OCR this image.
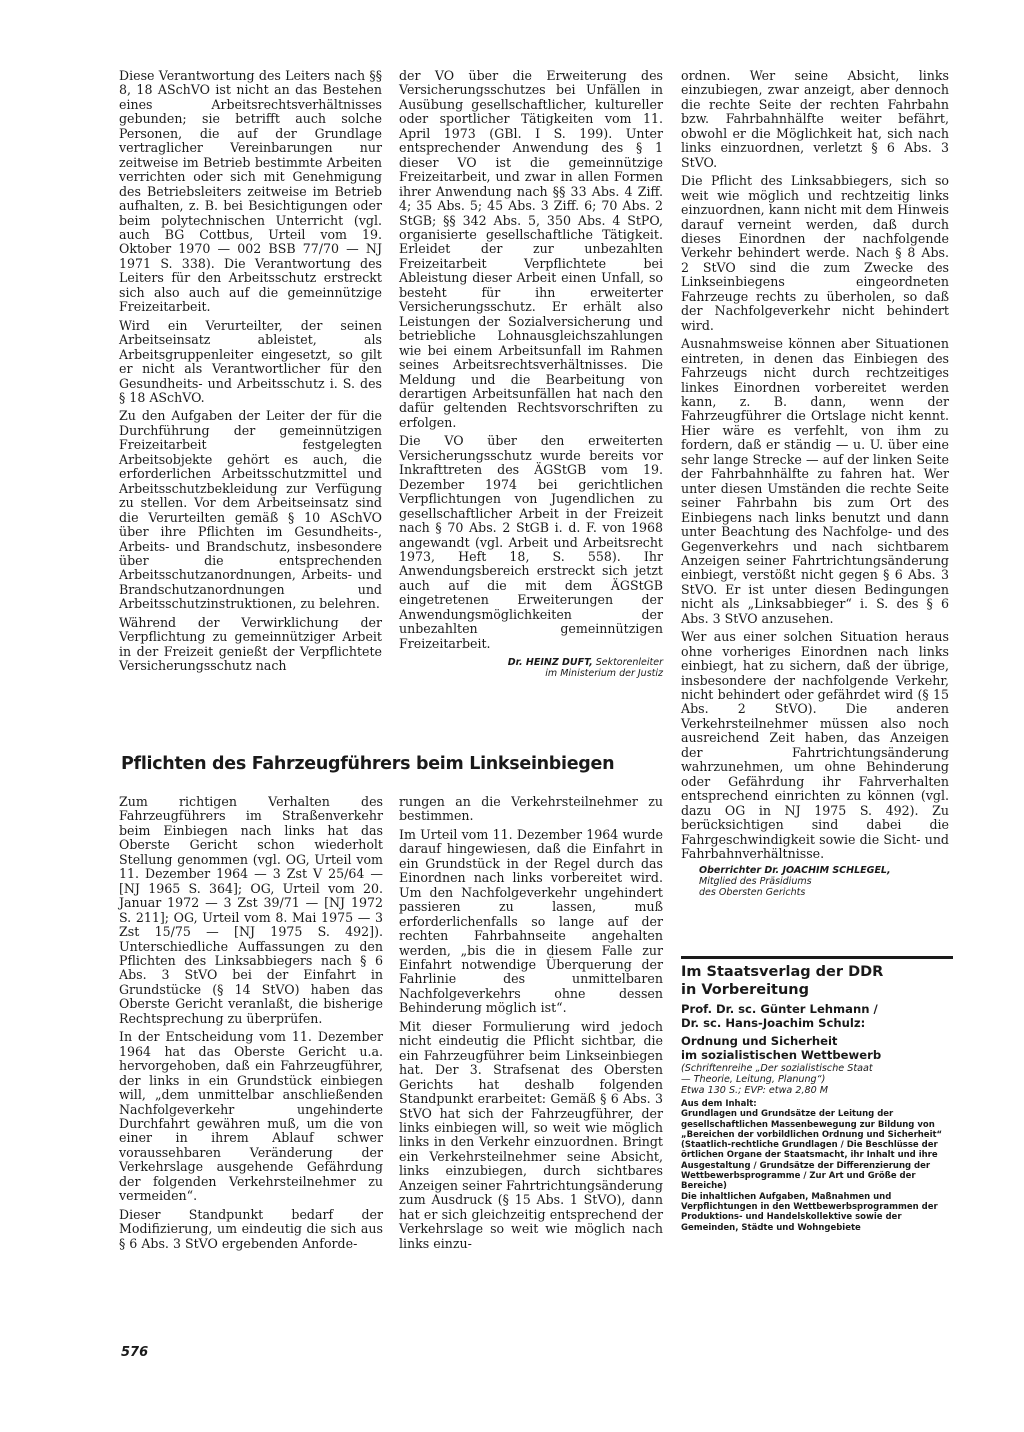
Diese Verantwortung des Leiters nach §§ 8, 18 ASchVO ist nicht an das Bestehen eines Arbeitsrechtsverhältnisses gebunden; sie betrifft auch solche Personen, die auf der Grundlage vertraglicher Vereinbarungen nur zeitweise im Betrieb bestimmte Arbeiten verrichten oder sich mit Genehmigung des Betriebsleiters zeitweise im Betrieb aufhalten, z. B. bei Besichtigungen oder beim polytechnischen Unterricht (vgl. auch BG Cottbus, Urteil vom 19. Oktober 1970 — 002 BSB 77/70 — NJ 1971 S. 338). Die Verantwortung des Leiters für den Arbeitsschutz erstreckt sich also auch auf die gemeinnützige Freizeitarbeit.

Wird ein Verurteilter, der seinen Arbeitseinsatz ableistet, als Arbeitsgruppenleiter eingesetzt, so gilt er nicht als Verantwortlicher für den Gesundheits- und Arbeitsschutz i. S. des § 18 ASchVO.

Zu den Aufgaben der Leiter der für die Durchführung der gemeinnützigen Freizeitarbeit festgelegten Arbeitsobjekte gehört es auch, die erforderlichen Arbeitsschutzmittel und Arbeitsschutzbekleidung zur Verfügung zu stellen. Vor dem Arbeitseinsatz sind die Verurteilten gemäß § 10 ASchVO über ihre Pflichten im Gesundheits-, Arbeits- und Brandschutz, insbesondere über die entsprechenden Arbeitsschutzanordnungen, Arbeits- und Brandschutzanordnungen und Arbeitsschutzinstruktionen, zu belehren.

Während der Verwirklichung der Verpflichtung zu gemeinnütziger Arbeit in der Freizeit genießt der Verpflichtete Versicherungsschutz nach

der VO über die Erweiterung des Versicherungsschutzes bei Unfällen in Ausübung gesellschaftlicher, kultureller oder sportlicher Tätigkeiten vom 11. April 1973 (GBl. I S. 199). Unter entsprechender Anwendung des § 1 dieser VO ist die gemeinnützige Freizeitarbeit, und zwar in allen Formen ihrer Anwendung nach §§ 33 Abs. 4 Ziff. 4; 35 Abs. 5; 45 Abs. 3 Ziff. 6; 70 Abs. 2 StGB; §§ 342 Abs. 5, 350 Abs. 4 StPO, organisierte gesellschaftliche Tätigkeit. Erleidet der zur unbezahlten Freizeitarbeit Verpflichtete bei Ableistung dieser Arbeit einen Unfall, so besteht für ihn erweiterter Versicherungsschutz. Er erhält also Leistungen der Sozialversicherung und betriebliche Lohnausgleichszahlungen wie bei einem Arbeitsunfall im Rahmen seines Arbeitsrechtsverhältnisses. Die Meldung und die Bearbeitung von derartigen Arbeitsunfällen hat nach den dafür geltenden Rechtsvorschriften zu erfolgen.

Die VO über den erweiterten Versicherungsschutz wurde bereits vor Inkrafttreten des ÄGStGB vom 19. Dezember 1974 bei gerichtlichen Verpflichtungen von Jugendlichen zu gesellschaftlicher Arbeit in der Freizeit nach § 70 Abs. 2 StGB i. d. F. von 1968 angewandt (vgl. Arbeit und Arbeitsrecht 1973, Heft 18, S. 558). Ihr Anwendungsbereich erstreckt sich jetzt auch auf die mit dem ÄGStGB eingetretenen Erweiterungen der Anwendungsmöglichkeiten der unbezahlten gemeinnützigen Freizeitarbeit.

Dr. HEINZ DUFT, Sektorenleiter
im Ministerium der Justiz
Pflichten des Fahrzeugführers beim Linkseinbiegen

Zum richtigen Verhalten des Fahrzeugführers im Straßenverkehr beim Einbiegen nach links hat das Oberste Gericht schon wiederholt Stellung genommen (vgl. OG, Urteil vom 11. Dezember 1964 — 3 Zst V 25/64 — [NJ 1965 S. 364]; OG, Urteil vom 20. Januar 1972 — 3 Zst 39/71 — [NJ 1972 S. 211]; OG, Urteil vom 8. Mai 1975 — 3 Zst 15/75 — [NJ 1975 S. 492]). Unterschiedliche Auffassungen zu den Pflichten des Linksabbiegers nach § 6 Abs. 3 StVO bei der Einfahrt in Grundstücke (§ 14 StVO) haben das Oberste Gericht veranlaßt, die bisherige Rechtsprechung zu überprüfen.

In der Entscheidung vom 11. Dezember 1964 hat das Oberste Gericht u.a. hervorgehoben, daß ein Fahrzeugführer, der links in ein Grundstück einbiegen will, „dem unmittelbar anschließenden Nachfolgeverkehr ungehinderte Durchfahrt gewähren muß, um die von einer in ihrem Ablauf schwer voraussehbaren Veränderung der Verkehrslage ausgehende Gefährdung der folgenden Verkehrsteilnehmer zu vermeiden“.

Dieser Standpunkt bedarf der Modifizierung, um eindeutig die sich aus § 6 Abs. 3 StVO ergebenden Anforde-

rungen an die Verkehrsteilnehmer zu bestimmen.

Im Urteil vom 11. Dezember 1964 wurde darauf hingewiesen, daß die Einfahrt in ein Grundstück in der Regel durch das Einordnen nach links vorbereitet wird. Um den Nachfolgeverkehr ungehindert passieren zu lassen, muß erforderlichenfalls so lange auf der rechten Fahrbahnseite angehalten werden, „bis die in diesem Falle zur Einfahrt notwendige Überquerung der Fahrlinie des unmittelbaren Nachfolgeverkehrs ohne dessen Behinderung möglich ist“.

Mit dieser Formulierung wird jedoch nicht eindeutig die Pflicht sichtbar, die ein Fahrzeugführer beim Linkseinbiegen hat. Der 3. Strafsenat des Obersten Gerichts hat deshalb folgenden Standpunkt erarbeitet: Gemäß § 6 Abs. 3 StVO hat sich der Fahrzeugführer, der links einbiegen will, so weit wie möglich links in den Verkehr einzuordnen. Bringt ein Verkehrsteilnehmer seine Absicht, links einzubiegen, durch sichtbares Anzeigen seiner Fahrtrichtungsänderung zum Ausdruck (§ 15 Abs. 1 StVO), dann hat er sich gleichzeitig entsprechend der Verkehrslage so weit wie möglich nach links einzu-

ordnen. Wer seine Absicht, links einzubiegen, zwar anzeigt, aber dennoch die rechte Seite der rechten Fahrbahn bzw. Fahrbahnhälfte weiter befährt, obwohl er die Möglichkeit hat, sich nach links einzuordnen, verletzt § 6 Abs. 3 StVO.

Die Pflicht des Linksabbiegers, sich so weit wie möglich und rechtzeitig links einzuordnen, kann nicht mit dem Hinweis darauf verneint werden, daß durch dieses Einordnen der nachfolgende Verkehr behindert werde. Nach § 8 Abs. 2 StVO sind die zum Zwecke des Linkseinbiegens eingeordneten Fahrzeuge rechts zu überholen, so daß der Nachfolgeverkehr nicht behindert wird.

Ausnahmsweise können aber Situationen eintreten, in denen das Einbiegen des Fahrzeugs nicht durch rechtzeitiges linkes Einordnen vorbereitet werden kann, z. B. dann, wenn der Fahrzeugführer die Ortslage nicht kennt. Hier wäre es verfehlt, von ihm zu fordern, daß er ständig — u. U. über eine sehr lange Strecke — auf der linken Seite der Fahrbahnhälfte zu fahren hat. Wer unter diesen Umständen die rechte Seite seiner Fahrbahn bis zum Ort des Einbiegens nach links benutzt und dann unter Beachtung des Nachfolge- und des Gegenverkehrs und nach sichtbarem Anzeigen seiner Fahrtrichtungsänderung einbiegt, verstößt nicht gegen § 6 Abs. 3 StVO. Er ist unter diesen Bedingungen nicht als „Linksabbieger“ i. S. des § 6 Abs. 3 StVO anzusehen.

Wer aus einer solchen Situation heraus ohne vorheriges Einordnen nach links einbiegt, hat zu sichern, daß der übrige, insbesondere der nachfolgende Verkehr, nicht behindert oder gefährdet wird (§ 15 Abs. 2 StVO). Die anderen Verkehrsteilnehmer müssen also noch ausreichend Zeit haben, das Anzeigen der Fahrtrichtungsänderung wahrzunehmen, um ohne Behinderung oder Gefährdung ihr Fahrverhalten entsprechend einrichten zu können (vgl. dazu OG in NJ 1975 S. 492). Zu berücksichtigen sind dabei die Fahrgeschwindigkeit sowie die Sicht- und Fahrbahnverhältnisse.

Oberrichter Dr. JOACHIM SCHLEGEL,
Mitglied des Präsidiums
des Obersten Gerichts

Im Staatsverlag der DDR
in Vorbereitung

Prof. Dr. sc. Günter Lehmann /
Dr. sc. Hans-Joachim Schulz:

Ordnung und Sicherheit
im sozialistischen Wettbewerb

(Schriftenreihe „Der sozialistische Staat
— Theorie, Leitung, Planung“)
Etwa 130 S.; EVP: etwa 2,80 M

Aus dem Inhalt:

Grundlagen und Grundsätze der Leitung der gesellschaftlichen Massenbewegung zur Bildung von „Bereichen der vorbildlichen Ordnung und Sicherheit“ (Staatlich-rechtliche Grundlagen / Die Beschlüsse der örtlichen Organe der Staatsmacht, ihr Inhalt und ihre Ausgestaltung / Grundsätze der Differenzierung der Wettbewerbsprogramme / Zur Art und Größe der Bereiche)

Die inhaltlichen Aufgaben, Maßnahmen und Verpflichtungen in den Wettbewerbsprogrammen der Produktions- und Handelskollektive sowie der Gemeinden, Städte und Wohngebiete

576
